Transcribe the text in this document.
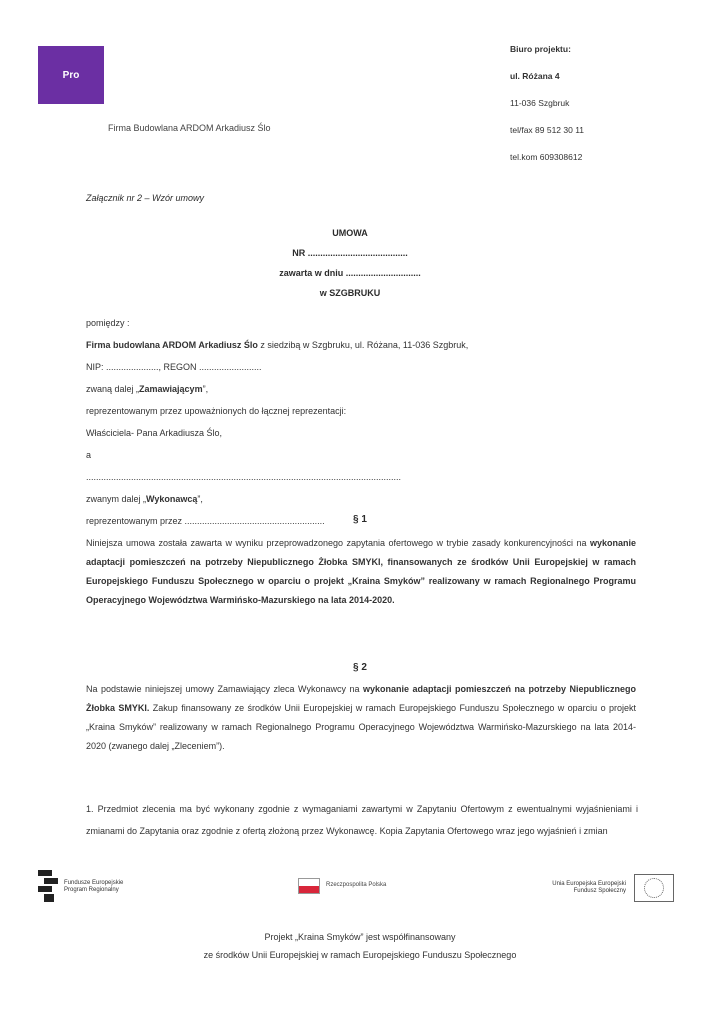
Pro
Firma Budowlana ARDOM Arkadiusz Ślo
Biuro projektu:
ul. Różana 4
11-036 Szgbruk
tel/fax 89 512 30 11
tel.kom 609308612
Załącznik nr 2 – Wzór umowy
UMOWA
NR ........................................
zawarta w dniu ..............................
w SZGBRUKU
pomiędzy :
Firma budowlana ARDOM Arkadiusz Ślo z siedzibą w Szgbruku, ul. Różana, 11-036 Szgbruk,
NIP: ....................., REGON .........................
zwaną dalej „Zamawiającym”,
reprezentowanym przez upoważnionych do łącznej reprezentacji:
Właściciela- Pana Arkadiusza Ślo,
a
..............................................................................................................................
zwanym dalej „Wykonawcą”,
reprezentowanym przez ........................................................	§ 1
Niniejsza umowa została zawarta w wyniku przeprowadzonego zapytania ofertowego w trybie zasady konkurencyjności na wykonanie adaptacji pomieszczeń na potrzeby Niepublicznego Żłobka SMYKI, finansowanych ze środków Unii Europejskiej w ramach Europejskiego Funduszu Społecznego w oparciu o projekt „Kraina Smyków” realizowany w ramach Regionalnego Programu Operacyjnego Województwa Warmińsko-Mazurskiego na lata 2014-2020.
§ 2
Na podstawie niniejszej umowy Zamawiający zleca Wykonawcy na wykonanie adaptacji pomieszczeń na potrzeby Niepublicznego Żłobka SMYKI. Zakup finansowany ze środków Unii Europejskiej w ramach Europejskiego Funduszu Społecznego w oparciu o projekt „Kraina Smyków” realizowany w ramach Regionalnego Programu Operacyjnego Województwa Warmińsko-Mazurskiego na lata 2014-2020 (zwanego dalej „Zleceniem”).
1. Przedmiot zlecenia ma być wykonany zgodnie z wymaganiami zawartymi w Zapytaniu Ofertowym z ewentualnymi wyjaśnieniami i zmianami do Zapytania oraz zgodnie z ofertą złożoną przez Wykonawcę. Kopia Zapytania Ofertowego wraz jego wyjaśnień i zmian
Fundusze Europejskie Program Regionalny
Rzeczpospolita Polska	Unia Europejska Europejski Fundusz Społeczny
Projekt „Kraina Smyków” jest współfinansowany
ze środków Unii Europejskiej w ramach Europejskiego Funduszu Społecznego
